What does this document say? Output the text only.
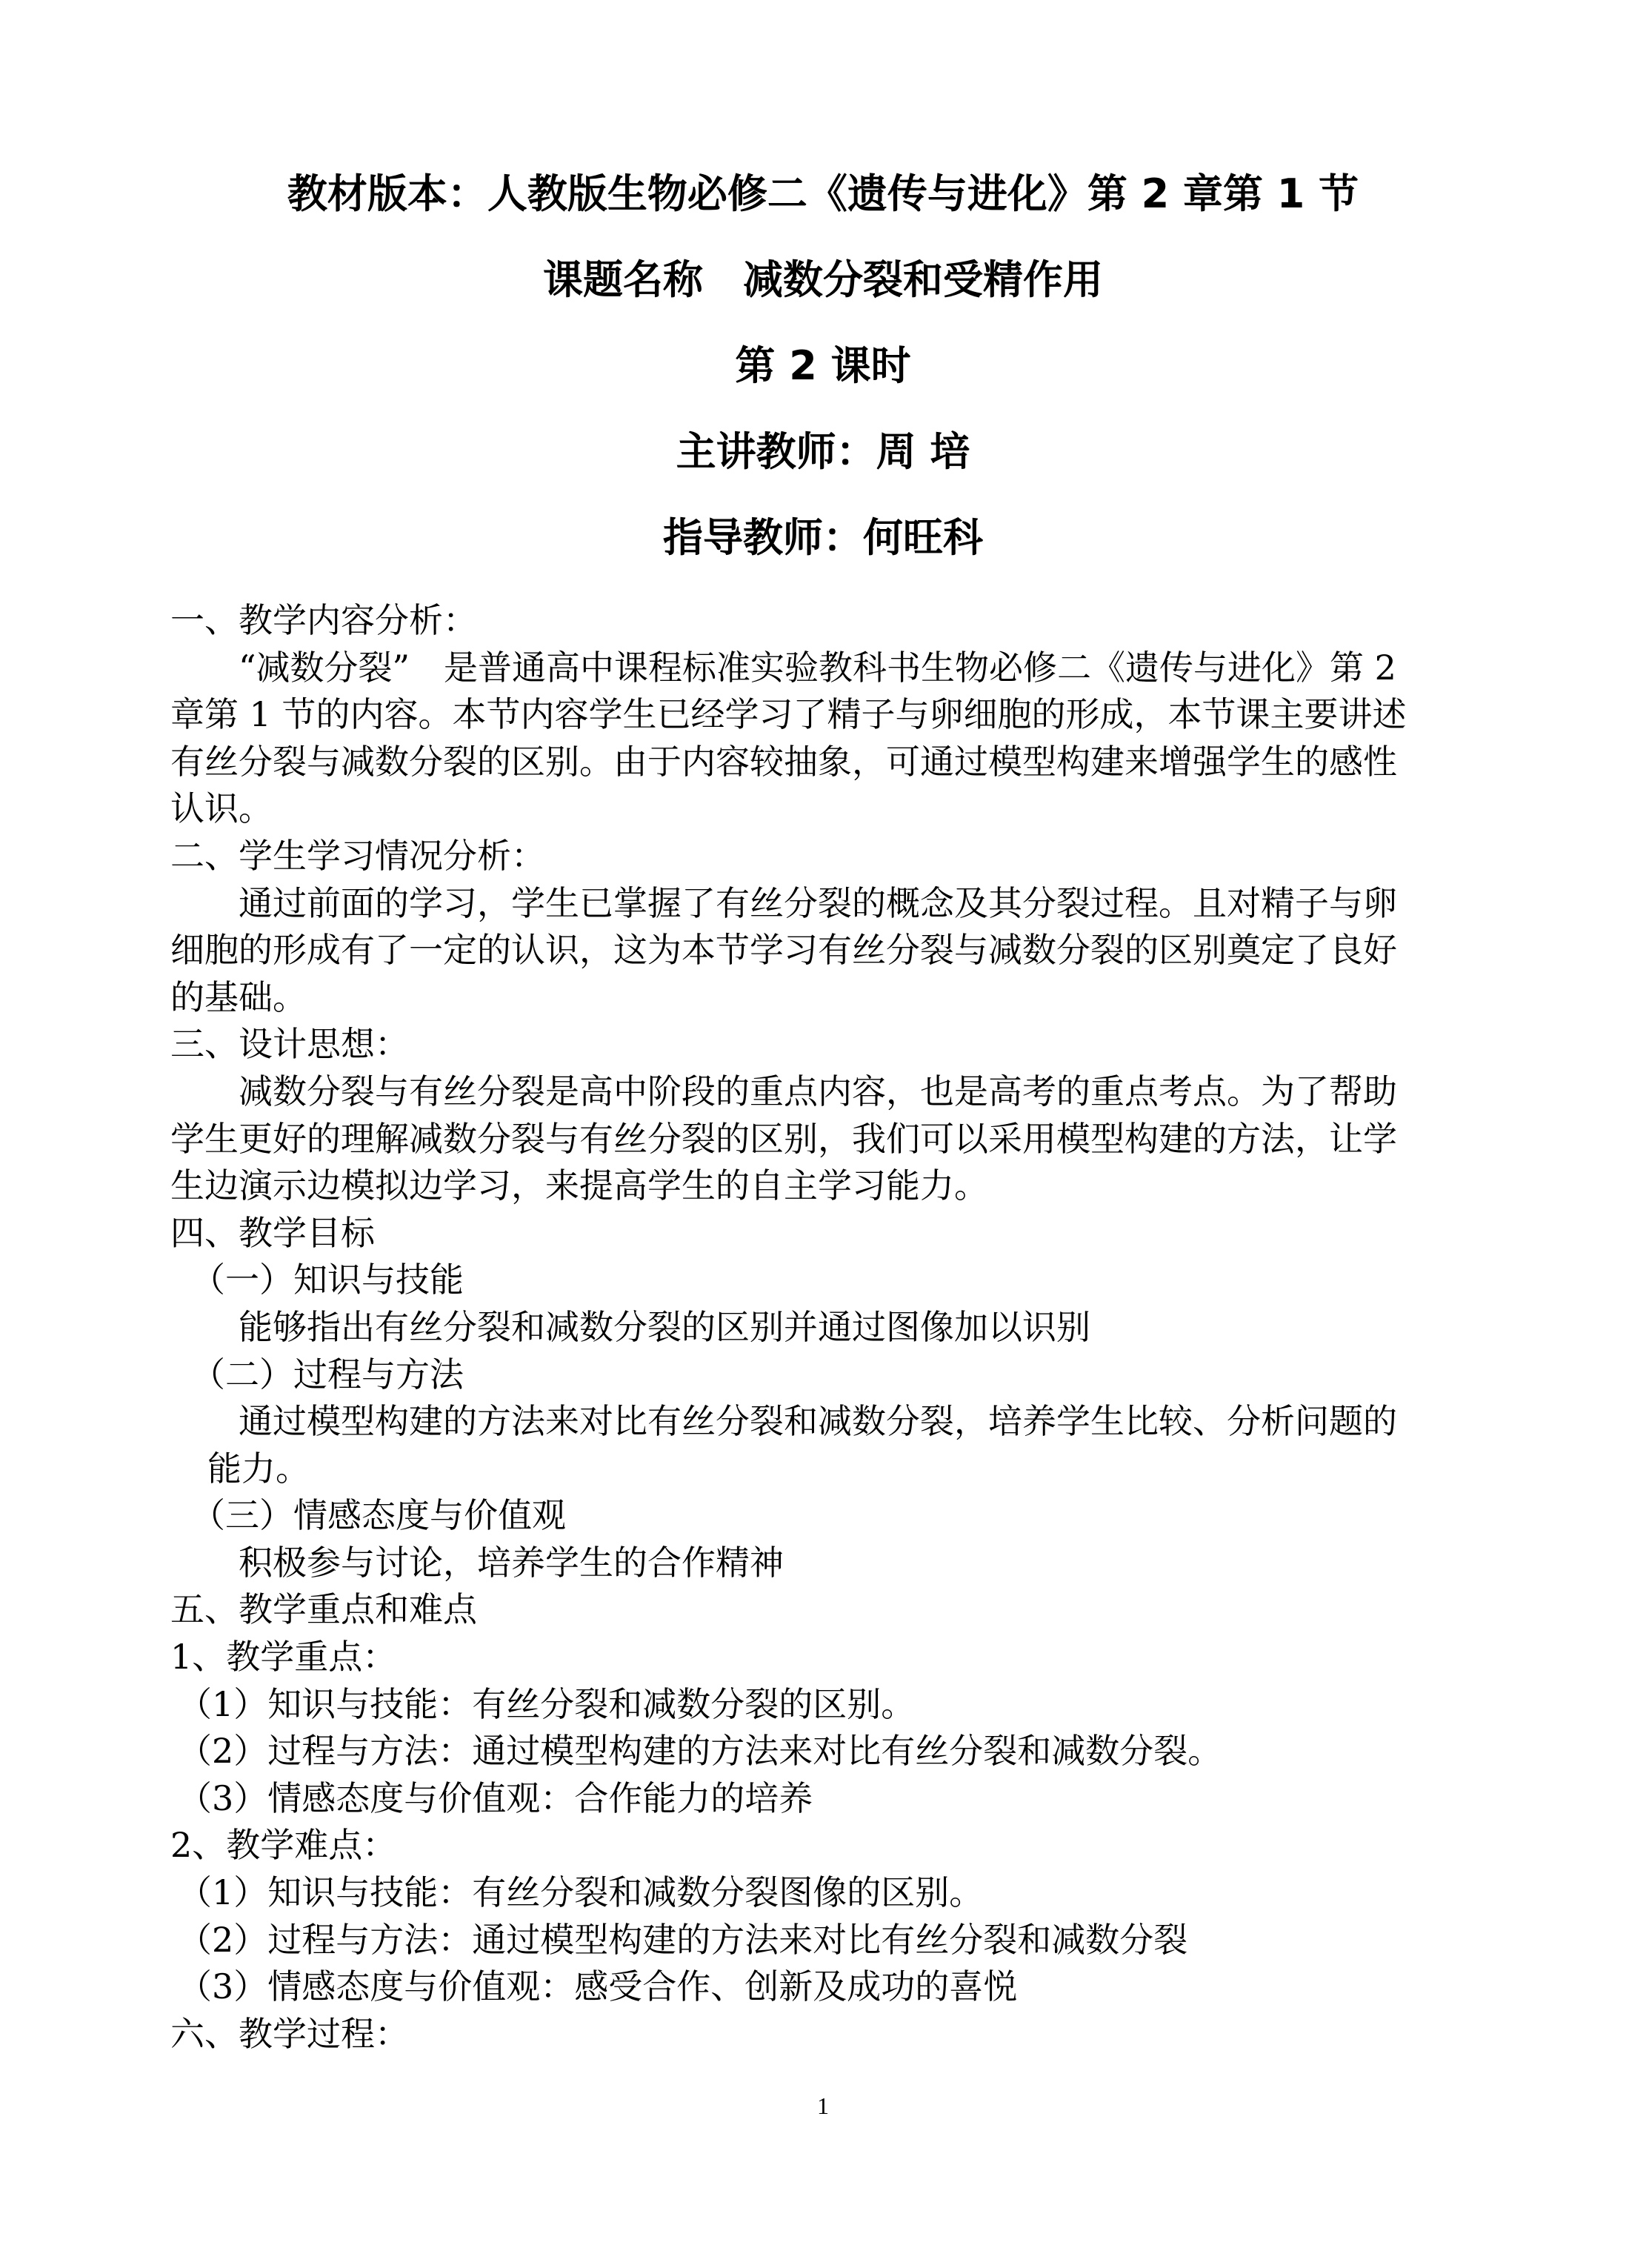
教材版本：人教版生物必修二《遗传与进化》第 2 章第 1 节
课题名称　减数分裂和受精作用
第 2 课时
主讲教师：周 培
指导教师：何旺科
一、教学内容分析：
“减数分裂”　是普通高中课程标准实验教科书生物必修二《遗传与进化》第 2
章第 1 节的内容。本节内容学生已经学习了精子与卵细胞的形成，本节课主要讲述
有丝分裂与减数分裂的区别。由于内容较抽象，可通过模型构建来增强学生的感性
认识。
二、学生学习情况分析：
通过前面的学习，学生已掌握了有丝分裂的概念及其分裂过程。且对精子与卵
细胞的形成有了一定的认识，这为本节学习有丝分裂与减数分裂的区别奠定了良好
的基础。
三、设计思想：
减数分裂与有丝分裂是高中阶段的重点内容，也是高考的重点考点。为了帮助
学生更好的理解减数分裂与有丝分裂的区别，我们可以采用模型构建的方法，让学
生边演示边模拟边学习，来提高学生的自主学习能力。
四、教学目标
（一）知识与技能
能够指出有丝分裂和减数分裂的区别并通过图像加以识别
（二）过程与方法
通过模型构建的方法来对比有丝分裂和减数分裂，培养学生比较、分析问题的
能力。
（三）情感态度与价值观
积极参与讨论，培养学生的合作精神
五、教学重点和难点
1、教学重点：
（1）知识与技能：有丝分裂和减数分裂的区别。
（2）过程与方法：通过模型构建的方法来对比有丝分裂和减数分裂。
（3）情感态度与价值观：合作能力的培养
2、教学难点：
（1）知识与技能：有丝分裂和减数分裂图像的区别。
（2）过程与方法：通过模型构建的方法来对比有丝分裂和减数分裂
（3）情感态度与价值观：感受合作、创新及成功的喜悦
六、教学过程：
1
